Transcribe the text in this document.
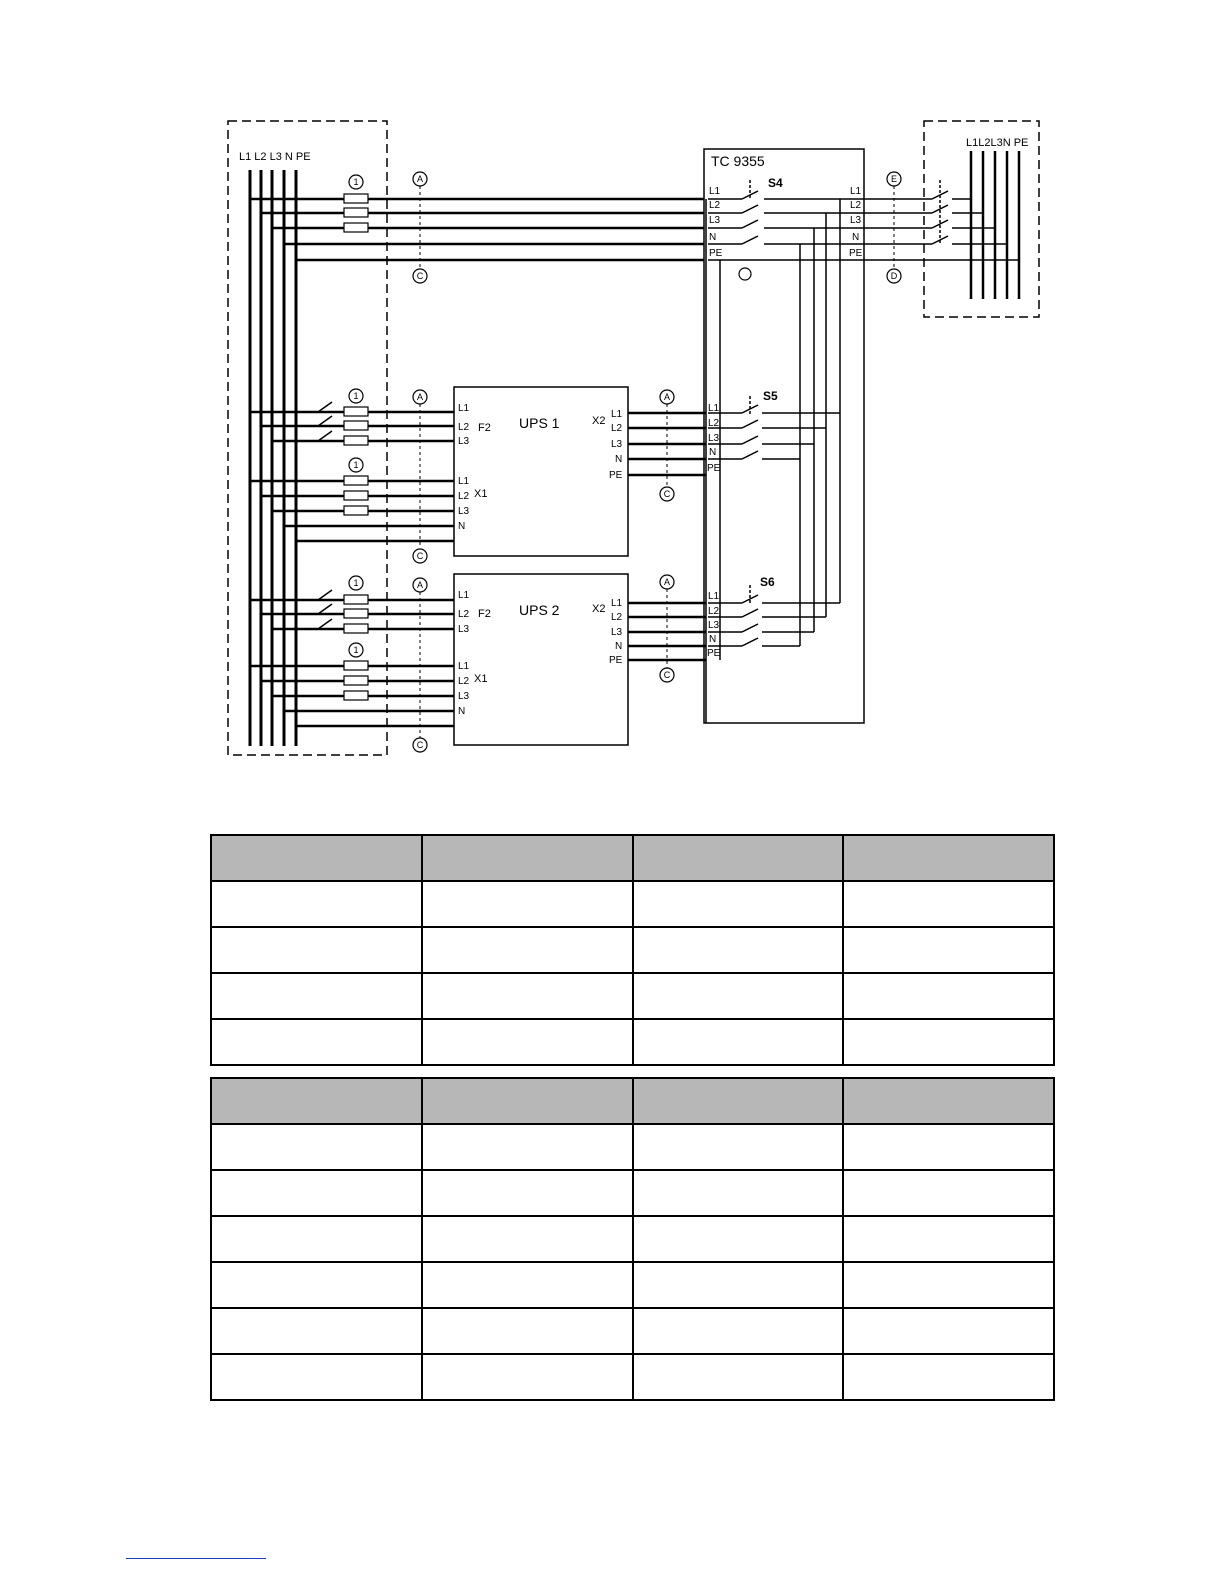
L1 L2 L3 N PE
L1L2L3N PE
TC 9355
S4
S5
S6
UPS 1
UPS 2
F2
X1
X2
F2
X1
X2
L1
L2
L3
N
PE
L1
L2
L3
N
PE
L1
L2
L3
L1
L2
L3
N
L1
L2
L3
N
PE
L1
L2
L3
N
PE
L1
L2
L3
L1
L2
L3
N
L1
L2
L3
N
PE
L1
L2
L3
N
PE
1
1
1
1
1
A
C
A
C
A
C
A
C
A
C
E
D
